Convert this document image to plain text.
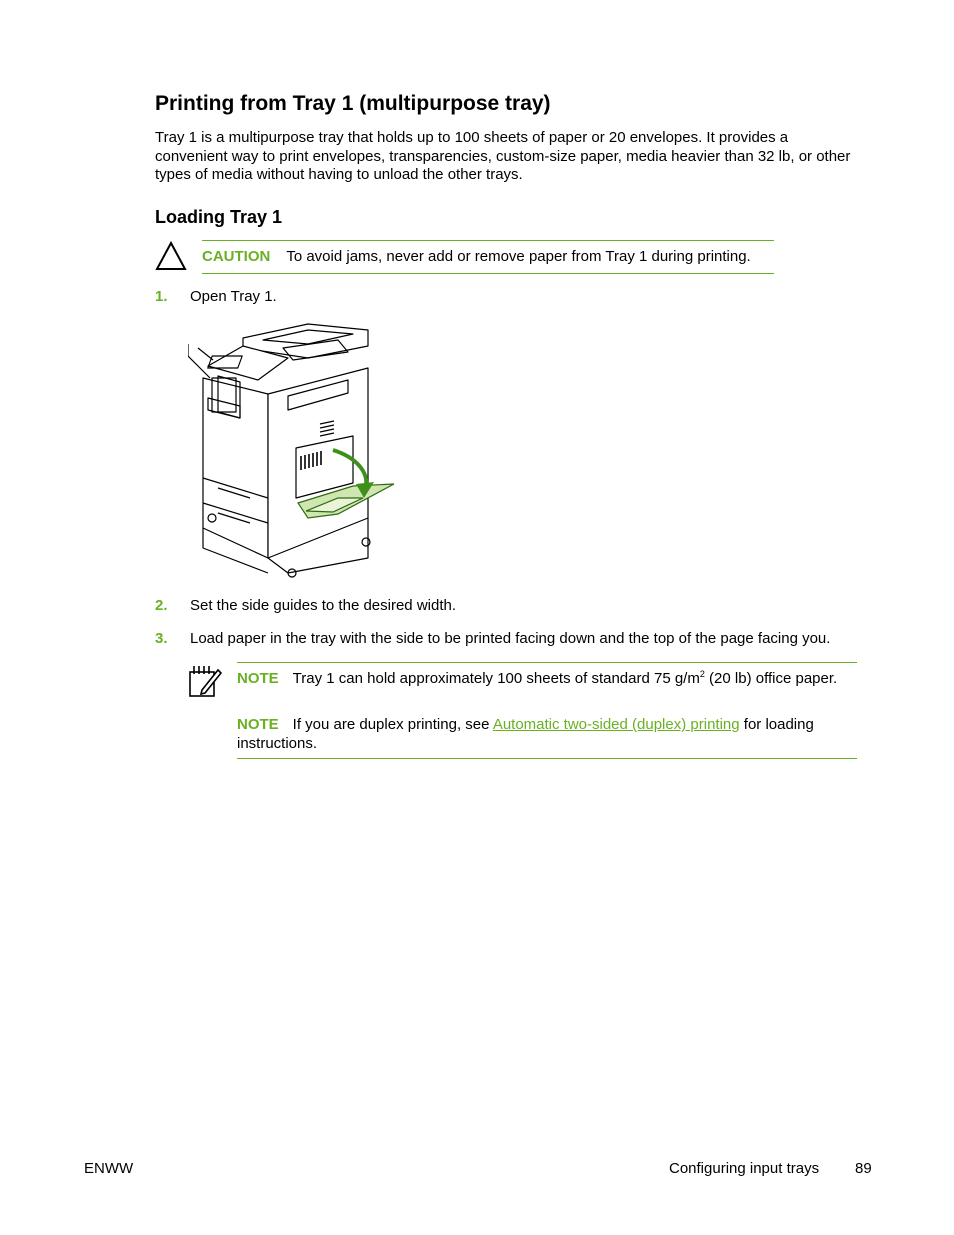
Printing from Tray 1 (multipurpose tray)

Tray 1 is a multipurpose tray that holds up to 100 sheets of paper or 20 envelopes. It provides a convenient way to print envelopes, transparencies, custom-size paper, media heavier than 32 lb, or other types of media without having to unload the other trays.

Loading Tray 1
CAUTION To avoid jams, never add or remove paper from Tray 1 during printing.
1. Open Tray 1.
2. Set the side guides to the desired width.
3. Load paper in the tray with the side to be printed facing down and the top of the page facing you.
NOTE Tray 1 can hold approximately 100 sheets of standard 75 $g/m^2$ (20 lb) office paper.
NOTE If you are duplex printing, see Automatic two-sided (duplex) printing for loading instructions.
ENWW	Configuring input trays 89
